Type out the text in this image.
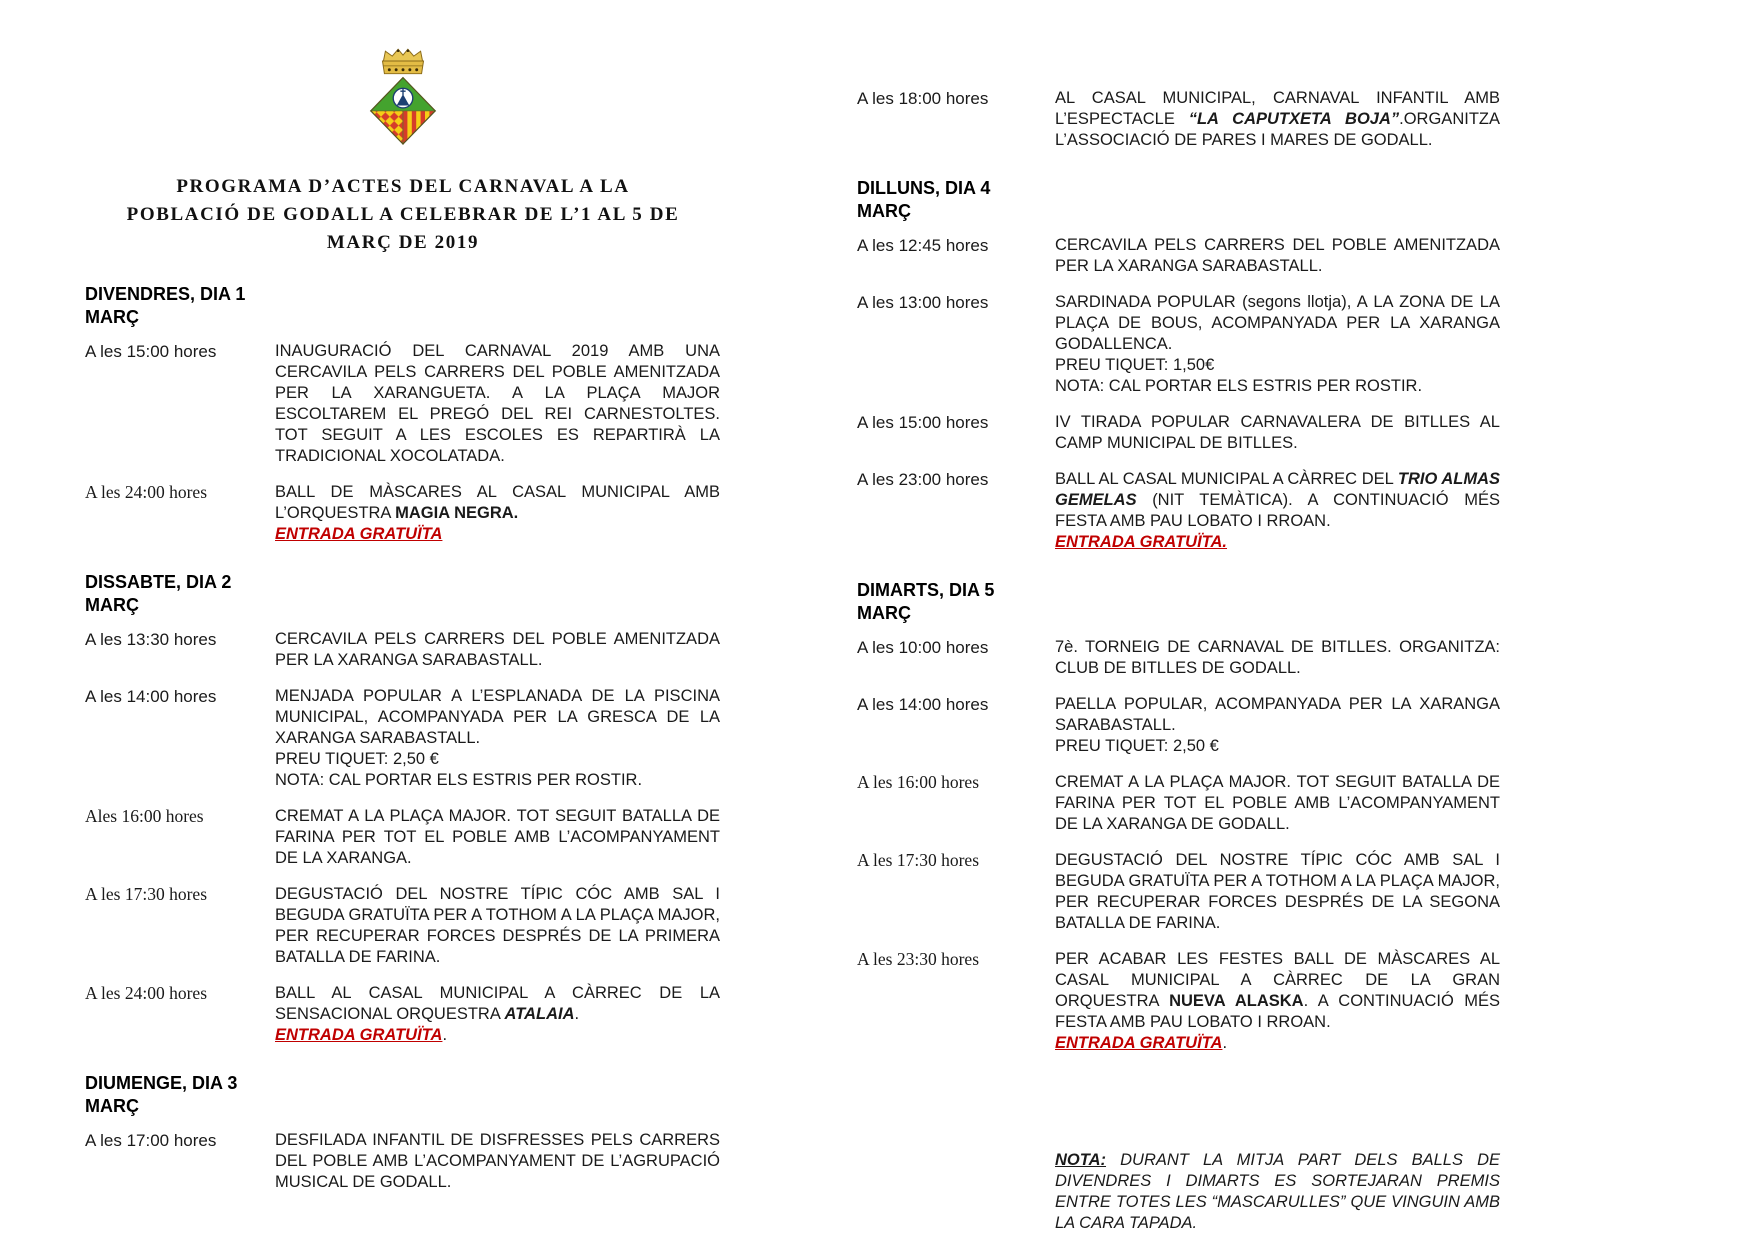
PROGRAMA D’ACTES DEL CARNAVAL A LA
POBLACIÓ DE GODALL A CELEBRAR DE L’1 AL 5 DE
MARÇ DE 2019
DIVENDRES, DIA 1
MARÇ
A les 15:00 hores	INAUGURACIÓ DEL CARNAVAL 2019 AMB UNA CERCAVILA PELS CARRERS DEL POBLE AMENITZADA PER LA XARANGUETA. A LA PLAÇA MAJOR ESCOLTAREM EL PREGÓ DEL REI CARNESTOLTES. TOT SEGUIT A LES ESCOLES ES REPARTIRÀ LA TRADICIONAL XOCOLATADA.
A les 24:00 hores	BALL DE MÀSCARES AL CASAL MUNICIPAL AMB L’ORQUESTRA MAGIA NEGRA.
ENTRADA GRATUÏTA
DISSABTE, DIA 2
MARÇ
A les 13:30 hores	CERCAVILA PELS CARRERS DEL POBLE AMENITZADA PER LA XARANGA SARABASTALL.
A les 14:00 hores	MENJADA POPULAR A L’ESPLANADA DE LA PISCINA MUNICIPAL, ACOMPANYADA PER LA GRESCA DE LA XARANGA SARABASTALL.
PREU TIQUET: 2,50 €
NOTA: CAL PORTAR ELS ESTRIS PER ROSTIR.
Ales 16:00 hores	CREMAT A LA PLAÇA MAJOR. TOT SEGUIT BATALLA DE FARINA PER TOT EL POBLE AMB L’ACOMPANYAMENT DE LA XARANGA.
A les 17:30 hores	DEGUSTACIÓ DEL NOSTRE TÍPIC CÓC AMB SAL I BEGUDA GRATUÏTA PER A TOTHOM A LA PLAÇA MAJOR, PER RECUPERAR FORCES DESPRÉS DE LA PRIMERA BATALLA DE FARINA.
A les 24:00 hores	BALL AL CASAL MUNICIPAL A CÀRREC DE LA SENSACIONAL ORQUESTRA ATALAIA.
ENTRADA GRATUÏTA.
DIUMENGE, DIA 3
MARÇ
A les 17:00 hores	DESFILADA INFANTIL DE DISFRESSES PELS CARRERS DEL POBLE AMB L’ACOMPANYAMENT DE L’AGRUPACIÓ MUSICAL DE GODALL.
A les 18:00 hores	AL CASAL MUNICIPAL, CARNAVAL INFANTIL AMB L’ESPECTACLE “LA CAPUTXETA BOJA”.ORGANITZA L’ASSOCIACIÓ DE PARES I MARES DE GODALL.
DILLUNS, DIA 4
MARÇ
A les 12:45 hores	CERCAVILA PELS CARRERS DEL POBLE AMENITZADA PER LA XARANGA SARABASTALL.
A les 13:00 hores	SARDINADA POPULAR (segons llotja), A LA ZONA DE LA PLAÇA DE BOUS, ACOMPANYADA PER LA XARANGA GODALLENCA.
PREU TIQUET: 1,50€
NOTA: CAL PORTAR ELS ESTRIS PER ROSTIR.
A les 15:00 hores	IV TIRADA POPULAR CARNAVALERA DE BITLLES AL CAMP MUNICIPAL DE BITLLES.
A les 23:00 hores	BALL AL CASAL MUNICIPAL A CÀRREC DEL TRIO ALMAS GEMELAS (NIT TEMÀTICA). A CONTINUACIÓ MÉS FESTA AMB PAU LOBATO I RROAN.
ENTRADA GRATUÏTA.
DIMARTS, DIA 5
MARÇ
A les 10:00 hores	7è. TORNEIG DE CARNAVAL DE BITLLES. ORGANITZA: CLUB DE BITLLES DE GODALL.
A les 14:00 hores	PAELLA POPULAR, ACOMPANYADA PER LA XARANGA SARABASTALL.
PREU TIQUET: 2,50 €
A les 16:00 hores	CREMAT A LA PLAÇA MAJOR. TOT SEGUIT BATALLA DE FARINA PER TOT EL POBLE AMB L’ACOMPANYAMENT DE LA XARANGA DE GODALL.
A les 17:30 hores	DEGUSTACIÓ DEL NOSTRE TÍPIC CÓC AMB SAL I BEGUDA GRATUÏTA PER A TOTHOM A LA PLAÇA MAJOR, PER RECUPERAR FORCES DESPRÉS DE LA SEGONA BATALLA DE FARINA.
A les 23:30 hores	PER ACABAR LES FESTES BALL DE MÀSCARES AL CASAL MUNICIPAL A CÀRREC DE LA GRAN ORQUESTRA NUEVA ALASKA. A CONTINUACIÓ MÉS FESTA AMB PAU LOBATO I RROAN.
ENTRADA GRATUÏTA.
NOTA: DURANT LA MITJA PART DELS BALLS DE DIVENDRES I DIMARTS ES SORTEJARAN PREMIS ENTRE TOTES LES “MASCARULLES” QUE VINGUIN AMB LA CARA TAPADA.
